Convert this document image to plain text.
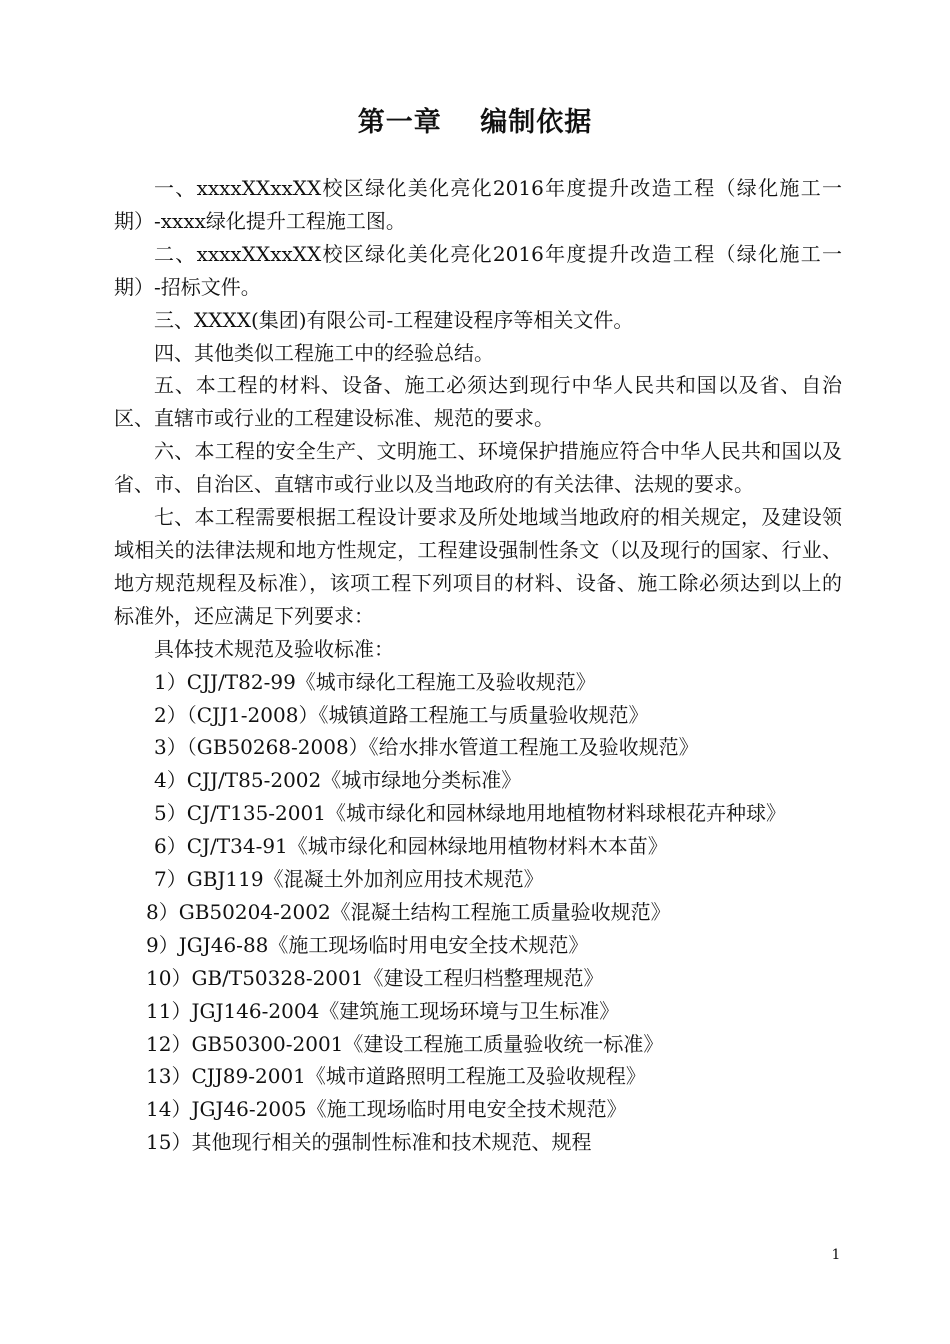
第一章　 编制依据

一、xxxxXXxxXX校区绿化美化亮化2016年度提升改造工程（绿化施工一期）-xxxx绿化提升工程施工图。

二、xxxxXXxxXX校区绿化美化亮化2016年度提升改造工程（绿化施工一期）-招标文件。

三、XXXX(集团)有限公司-工程建设程序等相关文件。

四、其他类似工程施工中的经验总结。

五、本工程的材料、设备、施工必须达到现行中华人民共和国以及省、自治区、直辖市或行业的工程建设标准、规范的要求。

六、本工程的安全生产、文明施工、环境保护措施应符合中华人民共和国以及省、市、自治区、直辖市或行业以及当地政府的有关法律、法规的要求。

七、本工程需要根据工程设计要求及所处地域当地政府的相关规定，及建设领域相关的法律法规和地方性规定，工程建设强制性条文（以及现行的国家、行业、地方规范规程及标准），该项工程下列项目的材料、设备、施工除必须达到以上的标准外，还应满足下列要求：

具体技术规范及验收标准：

1）CJJ/T82-99《城市绿化工程施工及验收规范》
2）（CJJ1-2008）《城镇道路工程施工与质量验收规范》
3）（GB50268-2008）《给水排水管道工程施工及验收规范》
4）CJJ/T85-2002《城市绿地分类标准》
5）CJ/T135-2001《城市绿化和园林绿地用地植物材料球根花卉种球》
6）CJ/T34-91《城市绿化和园林绿地用植物材料木本苗》
7）GBJ119《混凝土外加剂应用技术规范》
8）GB50204-2002《混凝土结构工程施工质量验收规范》
9）JGJ46-88《施工现场临时用电安全技术规范》
10）GB/T50328-2001《建设工程归档整理规范》
11）JGJ146-2004《建筑施工现场环境与卫生标准》
12）GB50300-2001《建设工程施工质量验收统一标准》
13）CJJ89-2001《城市道路照明工程施工及验收规程》
14）JGJ46-2005《施工现场临时用电安全技术规范》
15）其他现行相关的强制性标准和技术规范、规程
1
